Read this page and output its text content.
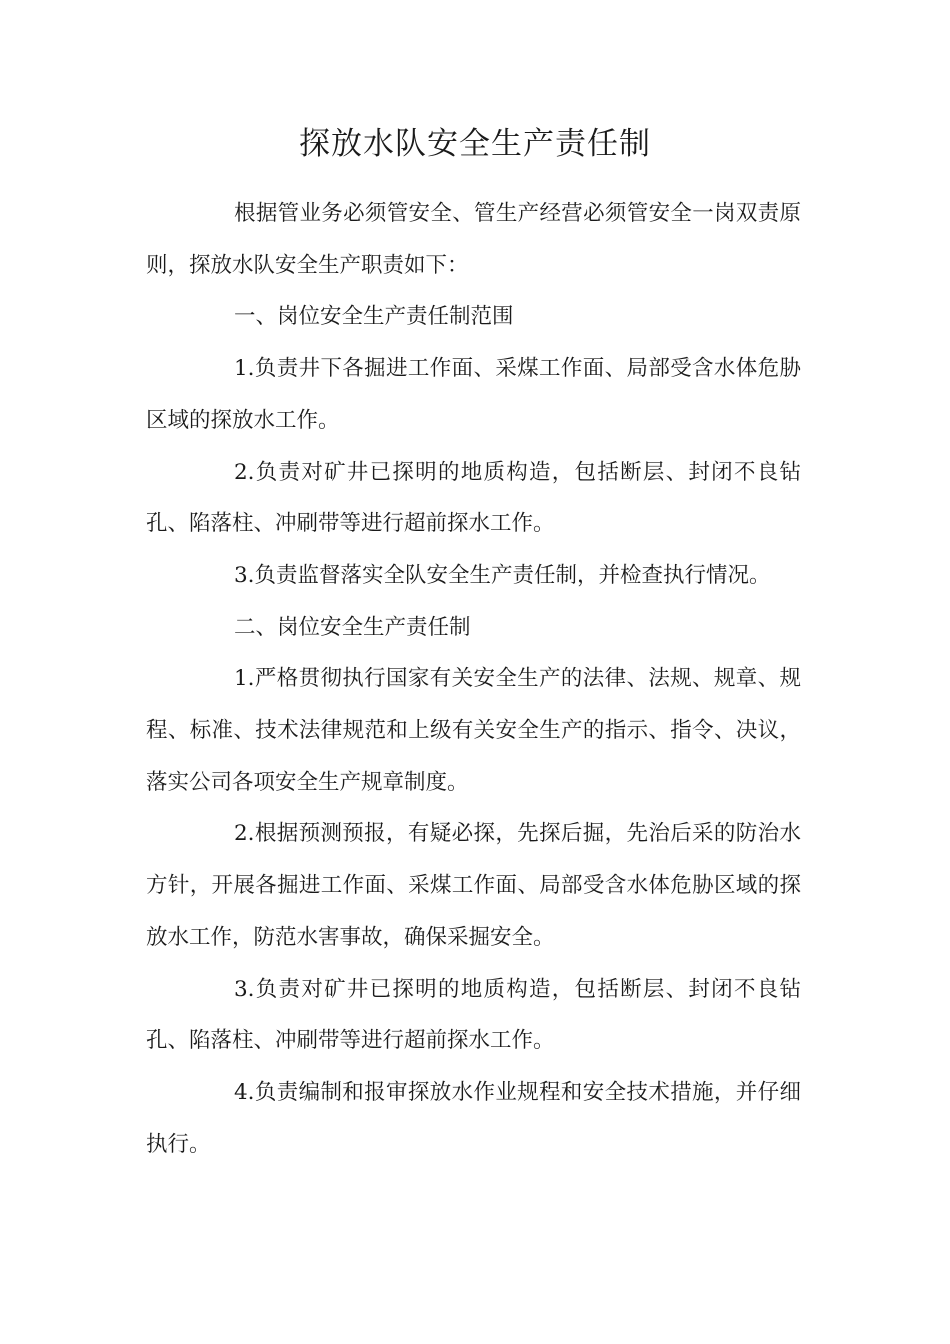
探放水队安全生产责任制

根据管业务必须管安全、管生产经营必须管安全一岗双责原则，探放水队安全生产职责如下：

一、岗位安全生产责任制范围

1.负责井下各掘进工作面、采煤工作面、局部受含水体危胁区域的探放水工作。

2.负责对矿井已探明的地质构造，包括断层、封闭不良钻孔、陷落柱、冲刷带等进行超前探水工作。

3.负责监督落实全队安全生产责任制，并检查执行情况。

二、岗位安全生产责任制

1.严格贯彻执行国家有关安全生产的法律、法规、规章、规程、标准、技术法律规范和上级有关安全生产的指示、指令、决议，落实公司各项安全生产规章制度。

2.根据预测预报，有疑必探，先探后掘，先治后采的防治水方针，开展各掘进工作面、采煤工作面、局部受含水体危胁区域的探放水工作，防范水害事故，确保采掘安全。

3.负责对矿井已探明的地质构造，包括断层、封闭不良钻孔、陷落柱、冲刷带等进行超前探水工作。

4.负责编制和报审探放水作业规程和安全技术措施，并仔细执行。
